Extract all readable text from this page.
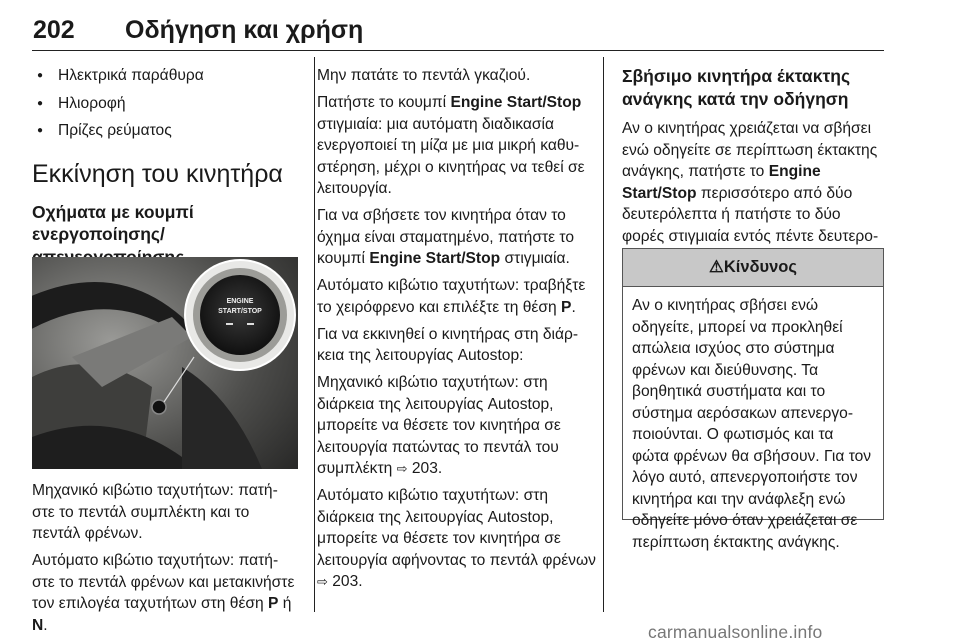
202 Οδήγηση και χρήση
● Ηλεκτρικά παράθυρα
● Ηλιοροφή
● Πρίζες ρεύματος
Εκκίνηση του κινητήρα
Οχήματα με κουμπί
ενεργοποίησης/
ENGINE
START/STOP

Μηχανικό κιβώτιο ταχυτήτων: πατή- στε το πεντάλ συμπλέκτη και το πεντάλ φρένων.

Αυτόματο κιβώτιο ταχυτήτων: πατή- στε το πεντάλ φρένων και μετακινήστε τον επιλογέα ταχυτήτων στη θέση P ή N.

Μην πατάτε το πεντάλ γκαζιού.

Πατήστε το κουμπί Engine Start/Stop στιγμιαία: μια αυτόματη διαδικασία ενεργοποιεί τη μίζα με μια μικρή καθυ- στέρηση, μέχρι ο κινητήρας να τεθεί σε λειτουργία.

Για να σβήσετε τον κινητήρα όταν το όχημα είναι σταματημένο, πατήστε το κουμπί Engine Start/Stop στιγμιαία.

Αυτόματο κιβώτιο ταχυτήτων: τραβήξτε το χειρόφρενο και επιλέξτε τη θέση P.

Για να εκκινηθεί ο κινητήρας στη διάρ- κεια της λειτουργίας Autostop:

Μηχανικό κιβώτιο ταχυτήτων: στη διάρκεια της λειτουργίας Autostop, μπορείτε να θέσετε τον κινητήρα σε λειτουργία πατώντας το πεντάλ του συμπλέκτη ⇨ 203.

Αυτόματο κιβώτιο ταχυτήτων: στη διάρκεια της λειτουργίας Autostop, μπορείτε να θέσετε τον κινητήρα σε λειτουργία αφήνοντας το πεντάλ φρένων ⇨ 203.

Σβήσιμο κινητήρα έκτακτης ανάγκης κατά την οδήγηση

Αν ο κινητήρας χρειάζεται να σβήσει ενώ οδηγείτε σε περίπτωση έκτακτης ανάγκης, πατήστε το Engine Start/Stop περισσότερο από δύο δευτερόλεπτα ή πατήστε το δύο φορές στιγμιαία εντός πέντε δευτερο-

⚠Κίνδυνος
Αν ο κινητήρας σβήσει ενώ οδηγείτε, μπορεί να προκληθεί απώλεια ισχύος στο σύστημα φρένων και διεύθυνσης. Τα βοηθητικά συστήματα και το σύστημα αερόσακων απενεργο- ποιούνται. Ο φωτισμός και τα φώτα φρένων θα σβήσουν. Για τον λόγο αυτό, απενεργοποιήστε τον κινητήρα και την ανάφλεξη ενώ οδηγείτε μόνο όταν χρειάζεται σε περίπτωση έκτακτης ανάγκης.
carmanualsonline.info
